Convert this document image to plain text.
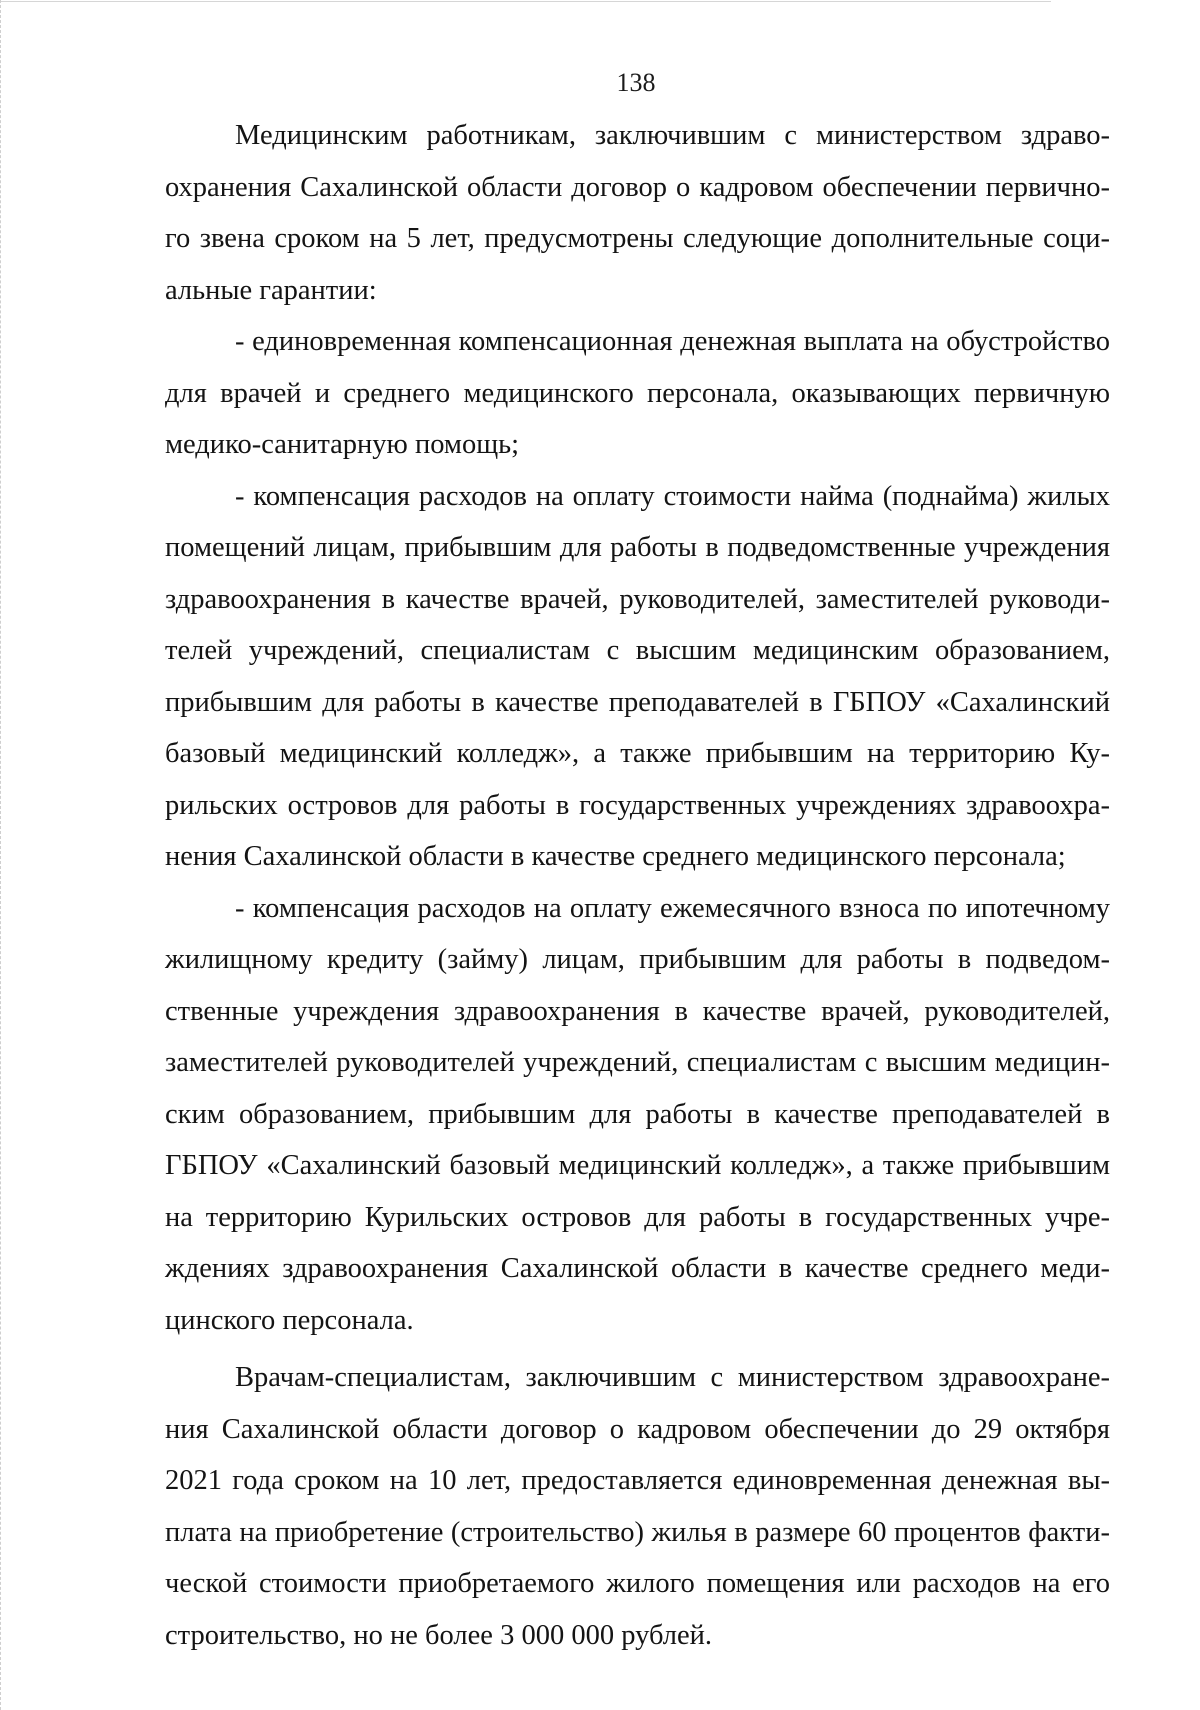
138

Медицинским работникам, заключившим с министерством здравоохранения Сахалинской области договор о кадровом обеспечении первичного звена сроком на 5 лет, предусмотрены следующие дополнительные социальные гарантии:

- единовременная компенсационная денежная выплата на обустройство для врачей и среднего медицинского персонала, оказывающих первичную медико-санитарную помощь;

- компенсация расходов на оплату стоимости найма (поднайма) жилых помещений лицам, прибывшим для работы в подведомственные учреждения здравоохранения в качестве врачей, руководителей, заместителей руководителей учреждений, специалистам с высшим медицинским образованием, прибывшим для работы в качестве преподавателей в ГБПОУ «Сахалинский базовый медицинский колледж», а также прибывшим на территорию Курильских островов для работы в государственных учреждениях здравоохранения Сахалинской области в качестве среднего медицинского персонала;

- компенсация расходов на оплату ежемесячного взноса по ипотечному жилищному кредиту (займу) лицам, прибывшим для работы в подведомственные учреждения здравоохранения в качестве врачей, руководителей, заместителей руководителей учреждений, специалистам с высшим медицинским образованием, прибывшим для работы в качестве преподавателей в ГБПОУ «Сахалинский базовый медицинский колледж», а также прибывшим на территорию Курильских островов для работы в государственных учреждениях здравоохранения Сахалинской области в качестве среднего медицинского персонала.

Врачам-специалистам, заключившим с министерством здравоохранения Сахалинской области договор о кадровом обеспечении до 29 октября 2021 года сроком на 10 лет, предоставляется единовременная денежная выплата на приобретение (строительство) жилья в размере 60 процентов фактической стоимости приобретаемого жилого помещения или расходов на его строительство, но не более 3 000 000 рублей.
